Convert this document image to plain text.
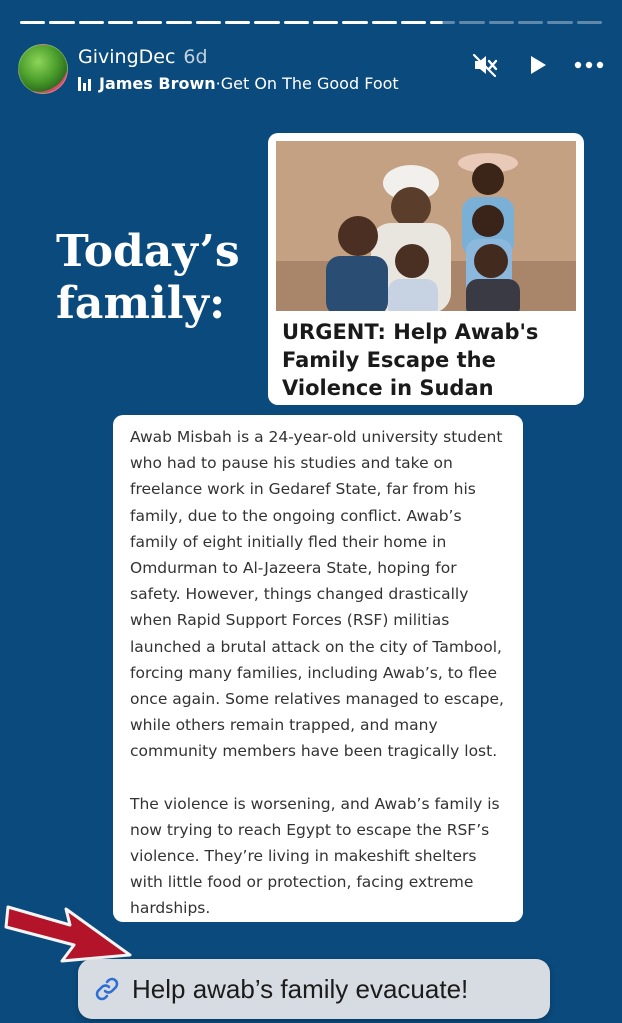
GivingDec 6d
James Brown · Get On The Good Foot
Today’s
family:
URGENT: Help Awab's Family Escape the Violence in Sudan

Awab Misbah is a 24-year-old university student who had to pause his studies and take on freelance work in Gedaref State, far from his family, due to the ongoing conflict. Awab’s family of eight initially fled their home in Omdurman to Al-Jazeera State, hoping for safety. However, things changed drastically when Rapid Support Forces (RSF) militias launched a brutal attack on the city of Tambool, forcing many families, including Awab’s, to flee once again. Some relatives managed to escape, while others remain trapped, and many community members have been tragically lost.

The violence is worsening, and Awab’s family is now trying to reach Egypt to escape the RSF’s violence. They’re living in makeshift shelters with little food or protection, facing extreme hardships.

Help awab’s family evacuate!
